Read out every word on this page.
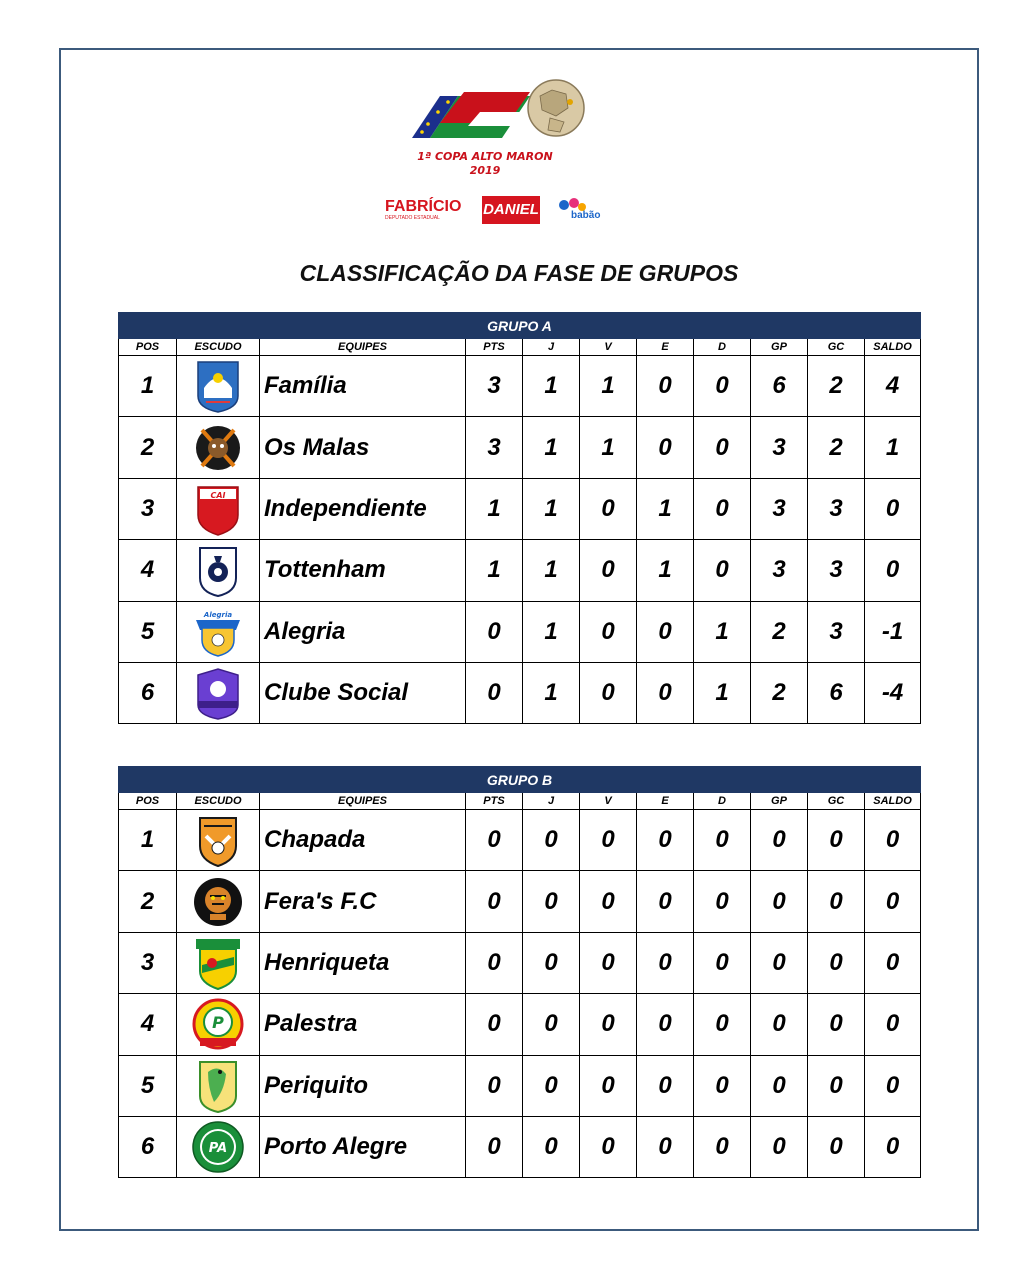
1ª COPA ALTO MARON
2019
FABRÍCIO
DEPUTADO ESTADUAL	DANIEL	babão
CLASSIFICAÇÃO DA FASE DE GRUPOS
GRUPO A										
POS	ESCUDO	EQUIPES	PTS	J	V	E	D	GP	GC	SALDO
1		Família	3	1	1	0	0	6	2	4
2		Os Malas	3	1	1	0	0	3	2	1
3	CAI	Independiente	1	1	0	1	0	3	3	0
4		Tottenham	1	1	0	1	0	3	3	0
5	Alegria	Alegria	0	1	0	0	1	2	3	-1
6		Clube Social	0	1	0	0	1	2	6	-4
GRUPO B										
POS	ESCUDO	EQUIPES	PTS	J	V	E	D	GP	GC	SALDO
1		Chapada	0	0	0	0	0	0	0	0
2		Fera's F.C	0	0	0	0	0	0	0	0
3		Henriqueta	0	0	0	0	0	0	0	0
4	P	Palestra	0	0	0	0	0	0	0	0
5		Periquito	0	0	0	0	0	0	0	0
6	PA	Porto Alegre	0	0	0	0	0	0	0	0
